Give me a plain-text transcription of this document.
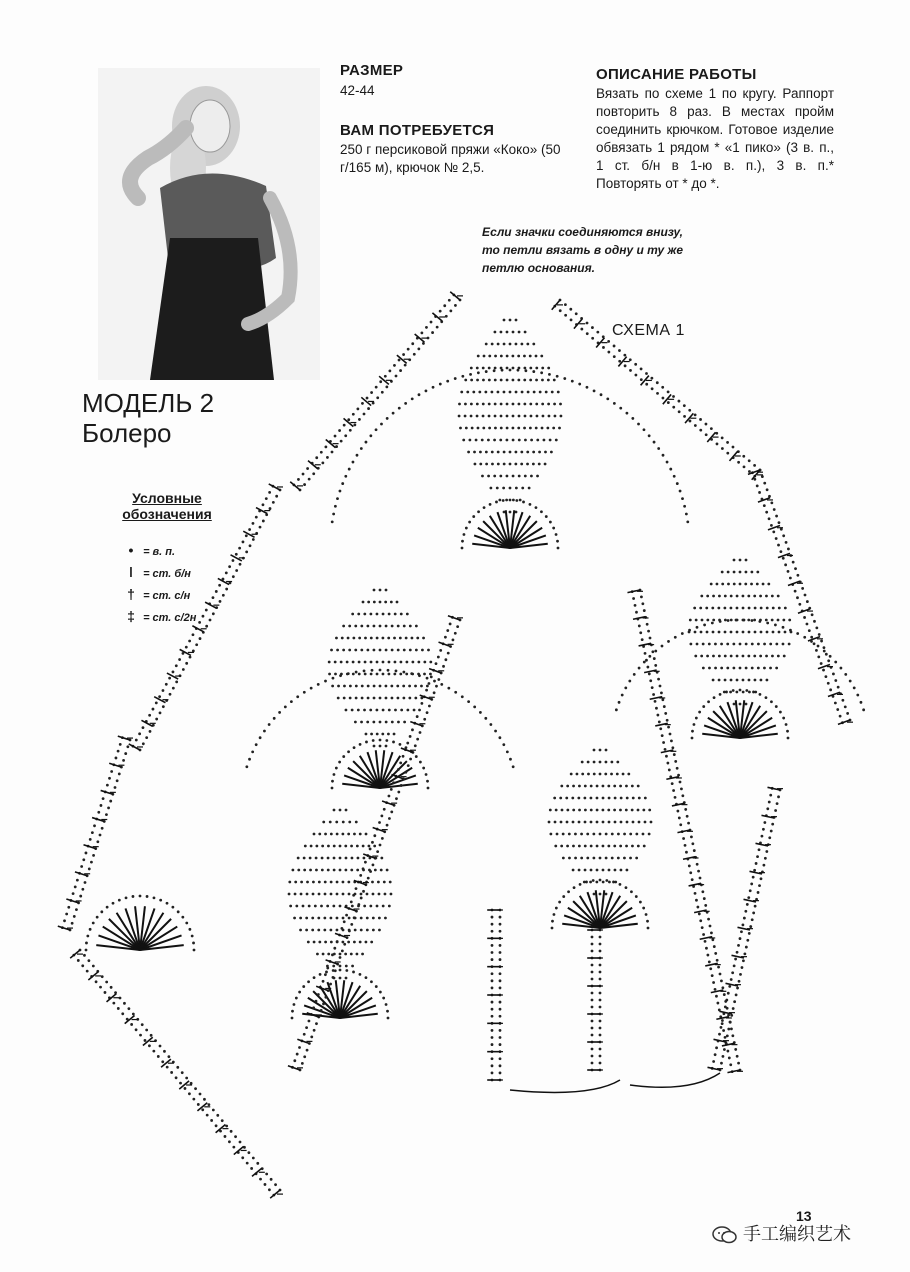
МОДЕЛЬ 2
Болеро
РАЗМЕР
42-44
ВАМ ПОТРЕБУЕТСЯ
250 г персиковой пряжи «Коко» (50 г/165 м), крючок № 2,5.
ОПИСАНИЕ РАБОТЫ
Вязать по схеме 1 по кругу. Раппорт повторить 8 раз. В местах пройм соединить крючком. Готовое изделие обвязать 1 рядом * «1 пико» (3 в. п., 1 ст. б/н в 1-ю в. п.), 3 в. п.* Повторять от * до *.
Если значки соединяются внизу, то петли вязать в одну и ту же петлю основания.
СХЕМА 1
Условные обозначения
• = в. п.
ǀ = ст. б/н
† = ст. с/н
‡ = ст. с/2н
13
手工编织艺术
